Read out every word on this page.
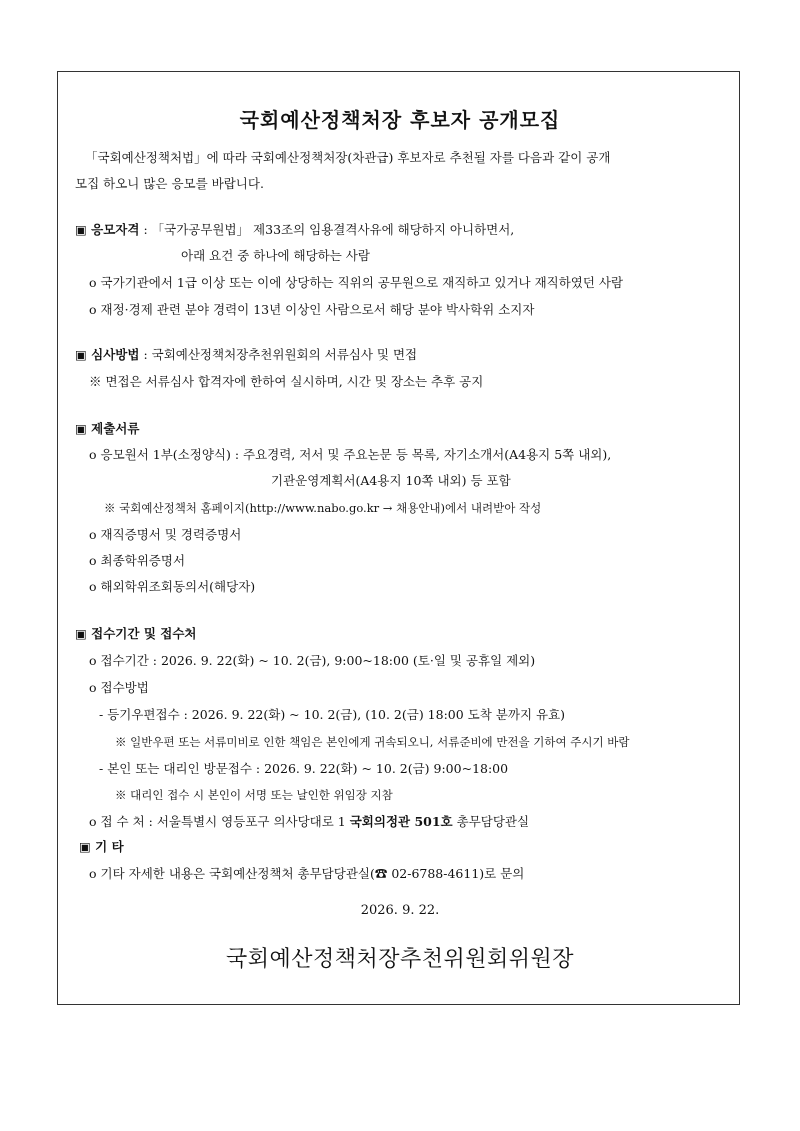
국회예산정책처장 후보자 공개모집
「국회예산정책처법」에 따라 국회예산정책처장(차관급) 후보자로 추천될 자를 다음과 같이 공개
모집 하오니 많은 응모를 바랍니다.
▣ 응모자격 : 「국가공무원법」 제33조의 임용결격사유에 해당하지 아니하면서,
아래 요건 중 하나에 해당하는 사람
o 국가기관에서 1급 이상 또는 이에 상당하는 직위의 공무원으로 재직하고 있거나 재직하였던 사람
o 재정·경제 관련 분야 경력이 13년 이상인 사람으로서 해당 분야 박사학위 소지자
▣ 심사방법 : 국회예산정책처장추천위원회의 서류심사 및 면접
※ 면접은 서류심사 합격자에 한하여 실시하며, 시간 및 장소는 추후 공지
▣ 제출서류
o 응모원서 1부(소정양식) : 주요경력, 저서 및 주요논문 등 목록, 자기소개서(A4용지 5쪽 내외),
기관운영계획서(A4용지 10쪽 내외) 등 포함
※ 국회예산정책처 홈페이지(http://www.nabo.go.kr → 채용안내)에서 내려받아 작성
o 재직증명서 및 경력증명서
o 최종학위증명서
o 해외학위조회동의서(해당자)
▣ 접수기간 및 접수처
o 접수기간 : 2026. 9. 22(화) ~ 10. 2(금), 9:00~18:00 (토·일 및 공휴일 제외)
o 접수방법
- 등기우편접수 : 2026. 9. 22(화) ~ 10. 2(금), (10. 2(금) 18:00 도착 분까지 유효)
※ 일반우편 또는 서류미비로 인한 책임은 본인에게 귀속되오니, 서류준비에 만전을 기하여 주시기 바람
- 본인 또는 대리인 방문접수 : 2026. 9. 22(화) ~ 10. 2(금) 9:00~18:00
※ 대리인 접수 시 본인이 서명 또는 날인한 위임장 지참
o 접 수 처 : 서울특별시 영등포구 의사당대로 1 국회의정관 501호 총무담당관실
▣ 기 타
o 기타 자세한 내용은 국회예산정책처 총무담당관실(☎ 02-6788-4611)로 문의
2026. 9. 22.
국회예산정책처장추천위원회위원장
